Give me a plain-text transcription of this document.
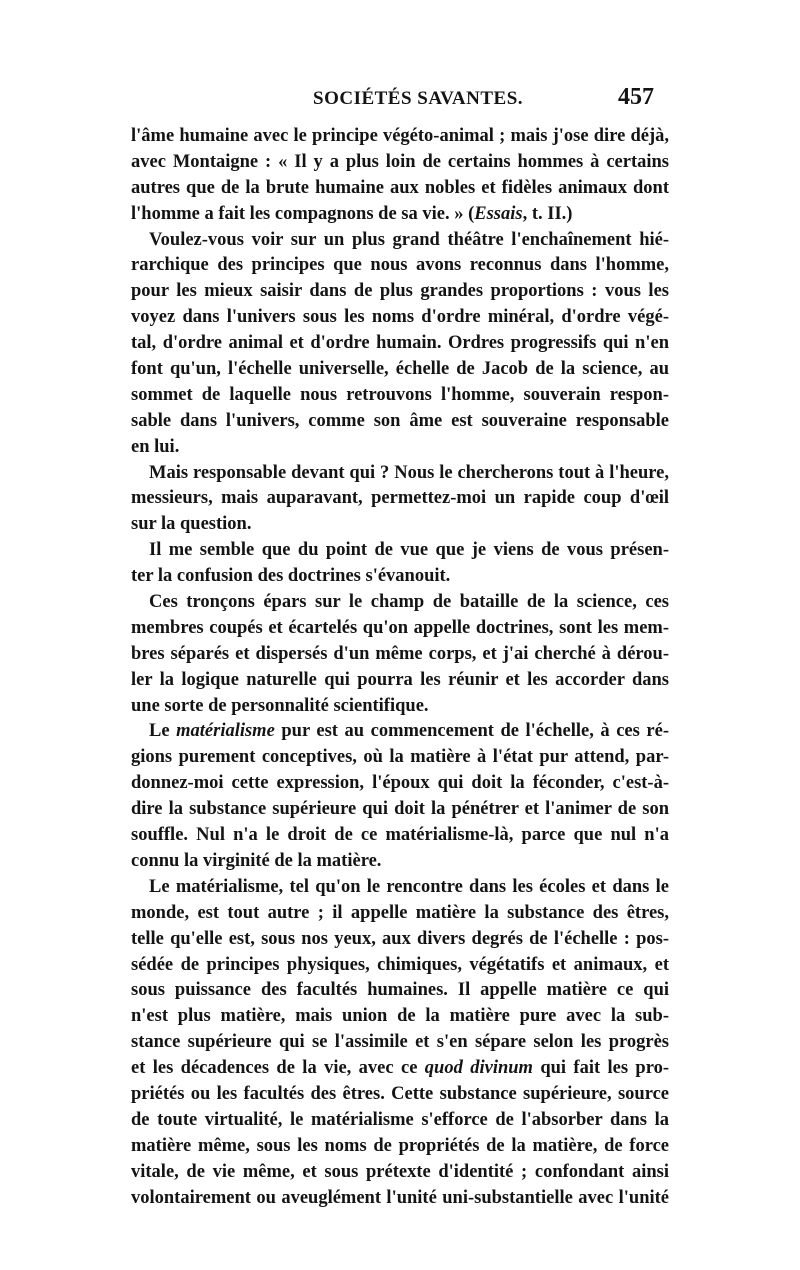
SOCIÉTÉS SAVANTES.	457
l'âme humaine avec le principe végéto-animal ; mais j'ose dire déjà,
avec Montaigne : « Il y a plus loin de certains hommes à certains
autres que de la brute humaine aux nobles et fidèles animaux dont
l'homme a fait les compagnons de sa vie. » (Essais, t. II.)
Voulez-vous voir sur un plus grand théâtre l'enchaînement hié-
rarchique des principes que nous avons reconnus dans l'homme,
pour les mieux saisir dans de plus grandes proportions : vous les
voyez dans l'univers sous les noms d'ordre minéral, d'ordre végé-
tal, d'ordre animal et d'ordre humain. Ordres progressifs qui n'en
font qu'un, l'échelle universelle, échelle de Jacob de la science, au
sommet de laquelle nous retrouvons l'homme, souverain respon-
sable dans l'univers, comme son âme est souveraine responsable
en lui.
Mais responsable devant qui ? Nous le chercherons tout à l'heure,
messieurs, mais auparavant, permettez-moi un rapide coup d'œil
sur la question.
Il me semble que du point de vue que je viens de vous présen-
ter la confusion des doctrines s'évanouit.
Ces tronçons épars sur le champ de bataille de la science, ces
membres coupés et écartelés qu'on appelle doctrines, sont les mem-
bres séparés et dispersés d'un même corps, et j'ai cherché à dérou-
ler la logique naturelle qui pourra les réunir et les accorder dans
une sorte de personnalité scientifique.
Le matérialisme pur est au commencement de l'échelle, à ces ré-
gions purement conceptives, où la matière à l'état pur attend, par-
donnez-moi cette expression, l'époux qui doit la féconder, c'est-à-
dire la substance supérieure qui doit la pénétrer et l'animer de son
souffle. Nul n'a le droit de ce matérialisme-là, parce que nul n'a
connu la virginité de la matière.
Le matérialisme, tel qu'on le rencontre dans les écoles et dans le
monde, est tout autre ; il appelle matière la substance des êtres,
telle qu'elle est, sous nos yeux, aux divers degrés de l'échelle : pos-
sédée de principes physiques, chimiques, végétatifs et animaux, et
sous puissance des facultés humaines. Il appelle matière ce qui
n'est plus matière, mais union de la matière pure avec la sub-
stance supérieure qui se l'assimile et s'en sépare selon les progrès
et les décadences de la vie, avec ce quod divinum qui fait les pro-
priétés ou les facultés des êtres. Cette substance supérieure, source
de toute virtualité, le matérialisme s'efforce de l'absorber dans la
matière même, sous les noms de propriétés de la matière, de force
vitale, de vie même, et sous prétexte d'identité ; confondant ainsi
volontairement ou aveuglément l'unité uni-substantielle avec l'unité
